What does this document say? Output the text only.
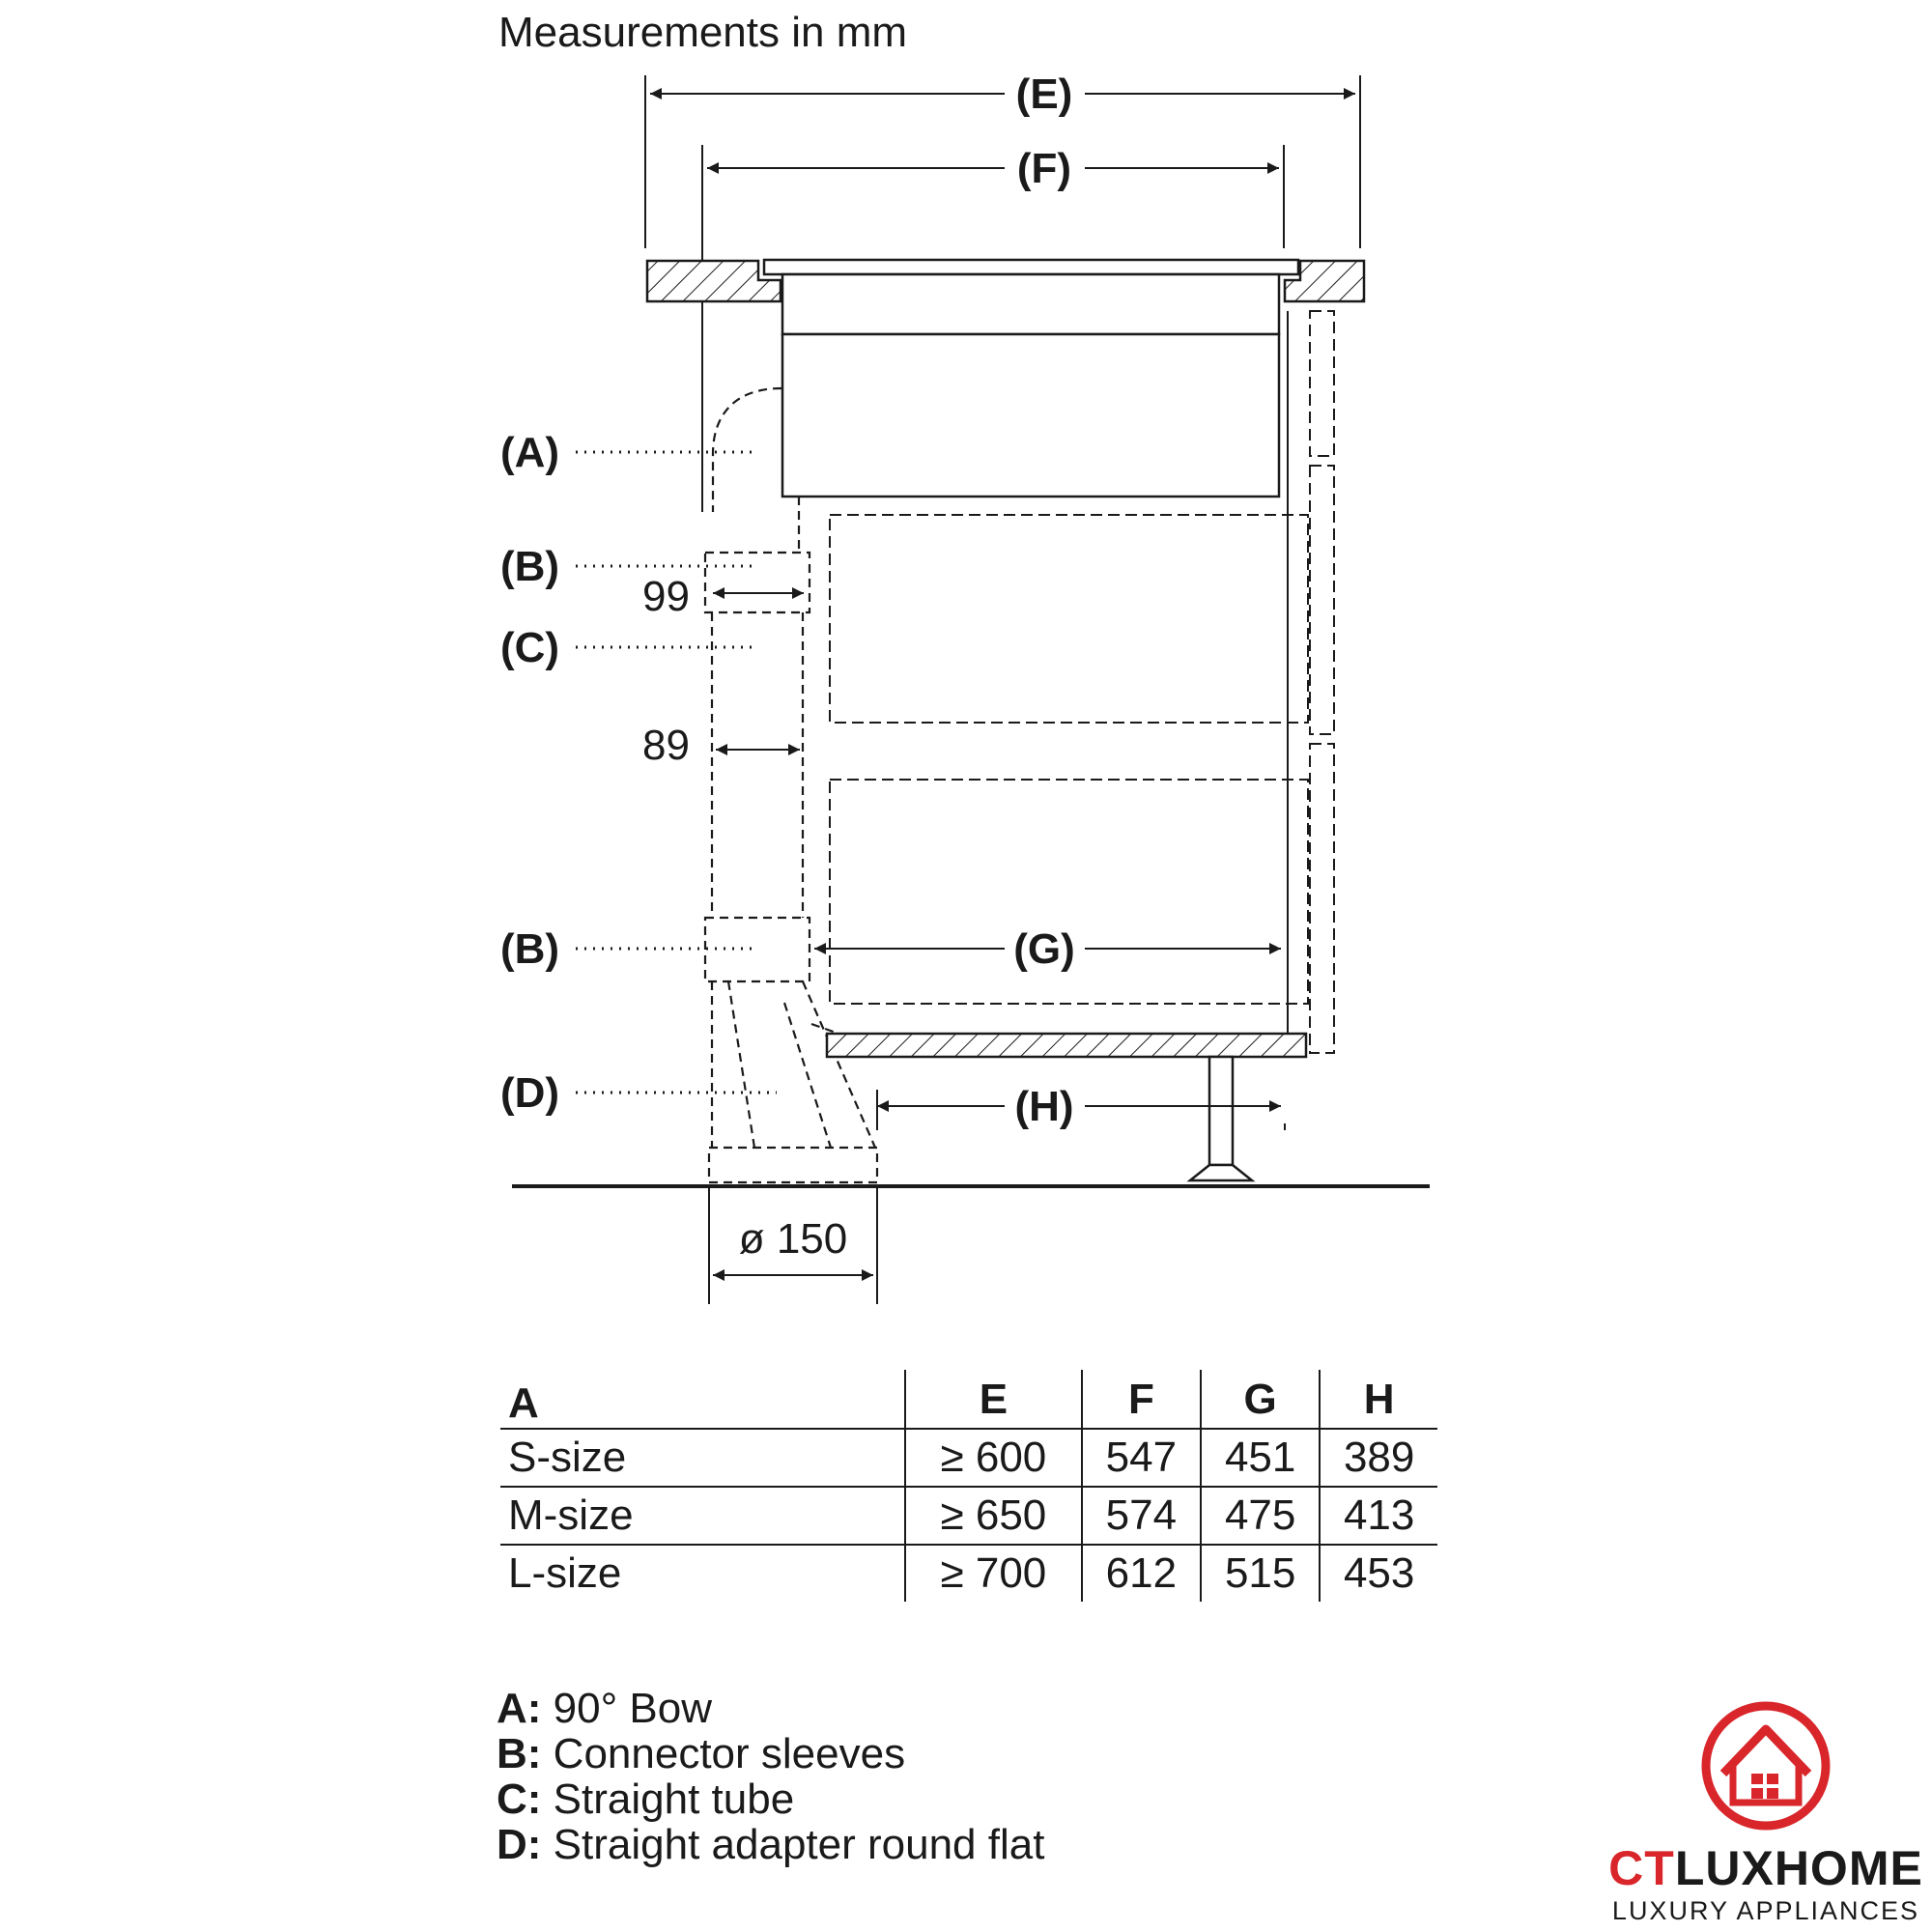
Measurements in mm
(E)
(F)
99
89
(G)
(H)
ø 150
(A)
(B)
(C)
(B)
(D)
A	E	F	G	H
S-size	≥ 600	547	451	389
M-size	≥ 650	574	475	413
L-size	≥ 700	612	515	453
A: 90° Bow
B: Connector sleeves
C: Straight tube
D: Straight adapter round flat	CTLUXHOME
LUXURY APPLIANCES
